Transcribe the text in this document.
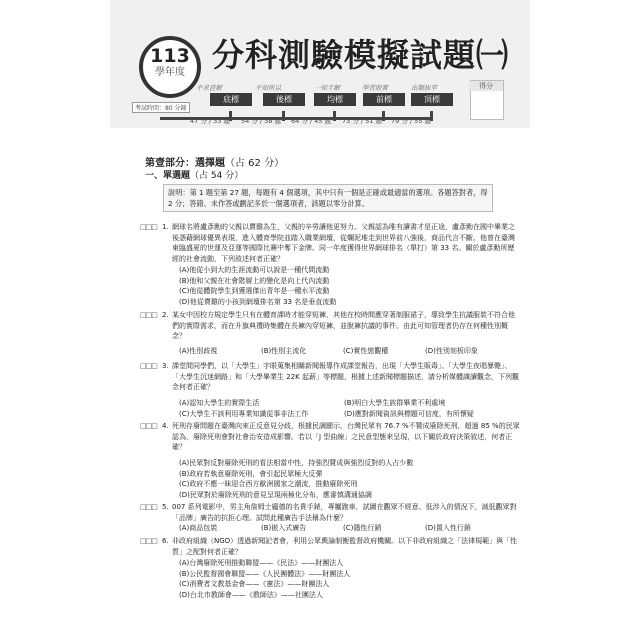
113
學年度 分科測驗模擬試題㈠
得分
考試時間：80 分鐘
不求甚解	不知所以	一知半解	學習殷實	出類拔萃
底標	後標	均標	前標	頂標
47 分 / 33 題 54 分 / 38 題 64 分 / 45 題 73 分 / 51 題 79 分 / 55 題
第壹部分：選擇題（占 62 分）
一、單選題（占 54 分）
說明：第 1 題至第 27 題，每題有 4 個選項，其中只有一個是正確或最適當的選項。各題答對者，得 2 分；答錯、未作答或劃記多於一個選項者，該題以零分計算。
□□□ 1. 網球名將盧彥勳的父親以賣雞為生，父親的辛勞讓他更努力。父親認為唯有讀書才是正途，盧彥勳在國中畢業之後憑藉網球優異表現，進入體育學院並踏入職業網壇，從爛泥堆走到世界前八強後，商品代言不斷。他曾在臺灣東臨盛夏的世運及亞運等國際比賽中奪下金牌。同一年度獲得世界網球排名（單打）第 33 名。關於盧彥勳所歷經的社會流動，下列敘述何者正確？
(A)他從小到大的生涯流動可以說是一種代間流動
(B)他和父親在社會階層上的變化是向上代內流動
(C)他從體院學生到獲選傑出青年是一種水平流動
(D)他從賣雞的小孩到網壇排名第 33 名是垂直流動
□□□ 2. 某女中因校方規定學生只有在體育課時才能穿短褲，其他在校時間應穿著制服裙子，導致學生抗議服裝不符合他們的實際需求，而在升旗典禮時集體在長褲內穿短褲，並脫褲抗議的事件。由此可知管理者仍存在何種性別概念？
(A)性別歧視	(B)性別主流化	(C)實性戀觀權	(D)性別刻板印象
□□□ 3. 課堂間同學們，以「大學生」字眼蒐集相關新聞報導作成課堂報告，出現「大學生販毒」、「大學生夜唱暴斃」、「大學生沉迷網路」和「大學畢業生 22K 起薪」等標題，根據上述新聞標題描述，請分析媒體識讀觀念，下列觀念何者正確？
(A)認知大學生的實際生活	(B)明白大學生族群畢業不利處境
(C)大學生不該利用專業知識從事非法工作	(D)應對新聞資訊與標題可信度，有所懷疑
□□□ 4. 死刑存廢問題在臺灣向來正反意見分歧，根據民調顯示，台灣民眾有 76.7 %不贊成廢除死刑，超過 85 %的民眾認為，廢除死刑會對社會治安造成影響。若以「J 型曲線」之民意型態來呈現，以下關於政府決策敘述，何者正確？
(A)民眾對反對廢除死刑的看法相當中性，持強烈贊成與強烈反對的人占少數
(B)政府若執意廢除死刑，會引起民眾極大反彈
(C)政府不應一昧迎合西方歐洲國家之潮流，推動廢除死刑
(D)民眾對於廢除死刑的意見呈現兩極化分布，應審慎溝通協調
□□□ 5. 007 系列電影中，男主角詹姆士龐德的名貴手錶，專屬跑車，試圖在觀眾不經意、低涉入的情況下，減低觀眾對「品牌」廣告的抗拒心理。試問此種廣告手法稱為什麼？
(A)商品包裝	(B)嵌入式廣告	(C)隱性行銷	(D)置入性行銷
□□□ 6. 非政府組織（NGO）透過新聞記者會，利用公眾輿論制衡監督政府機關。以下非政府組織之「法律規範」與「性質」之配對何者正確？
(A)台灣廢除死刑推動聯盟——《民法》——財團法人
(B)公民監督國會聯盟——《人民團體法》——財團法人
(C)消費者文教基金會——《憲法》——財團法人
(D)台北市教師會——《教師法》——社團法人
